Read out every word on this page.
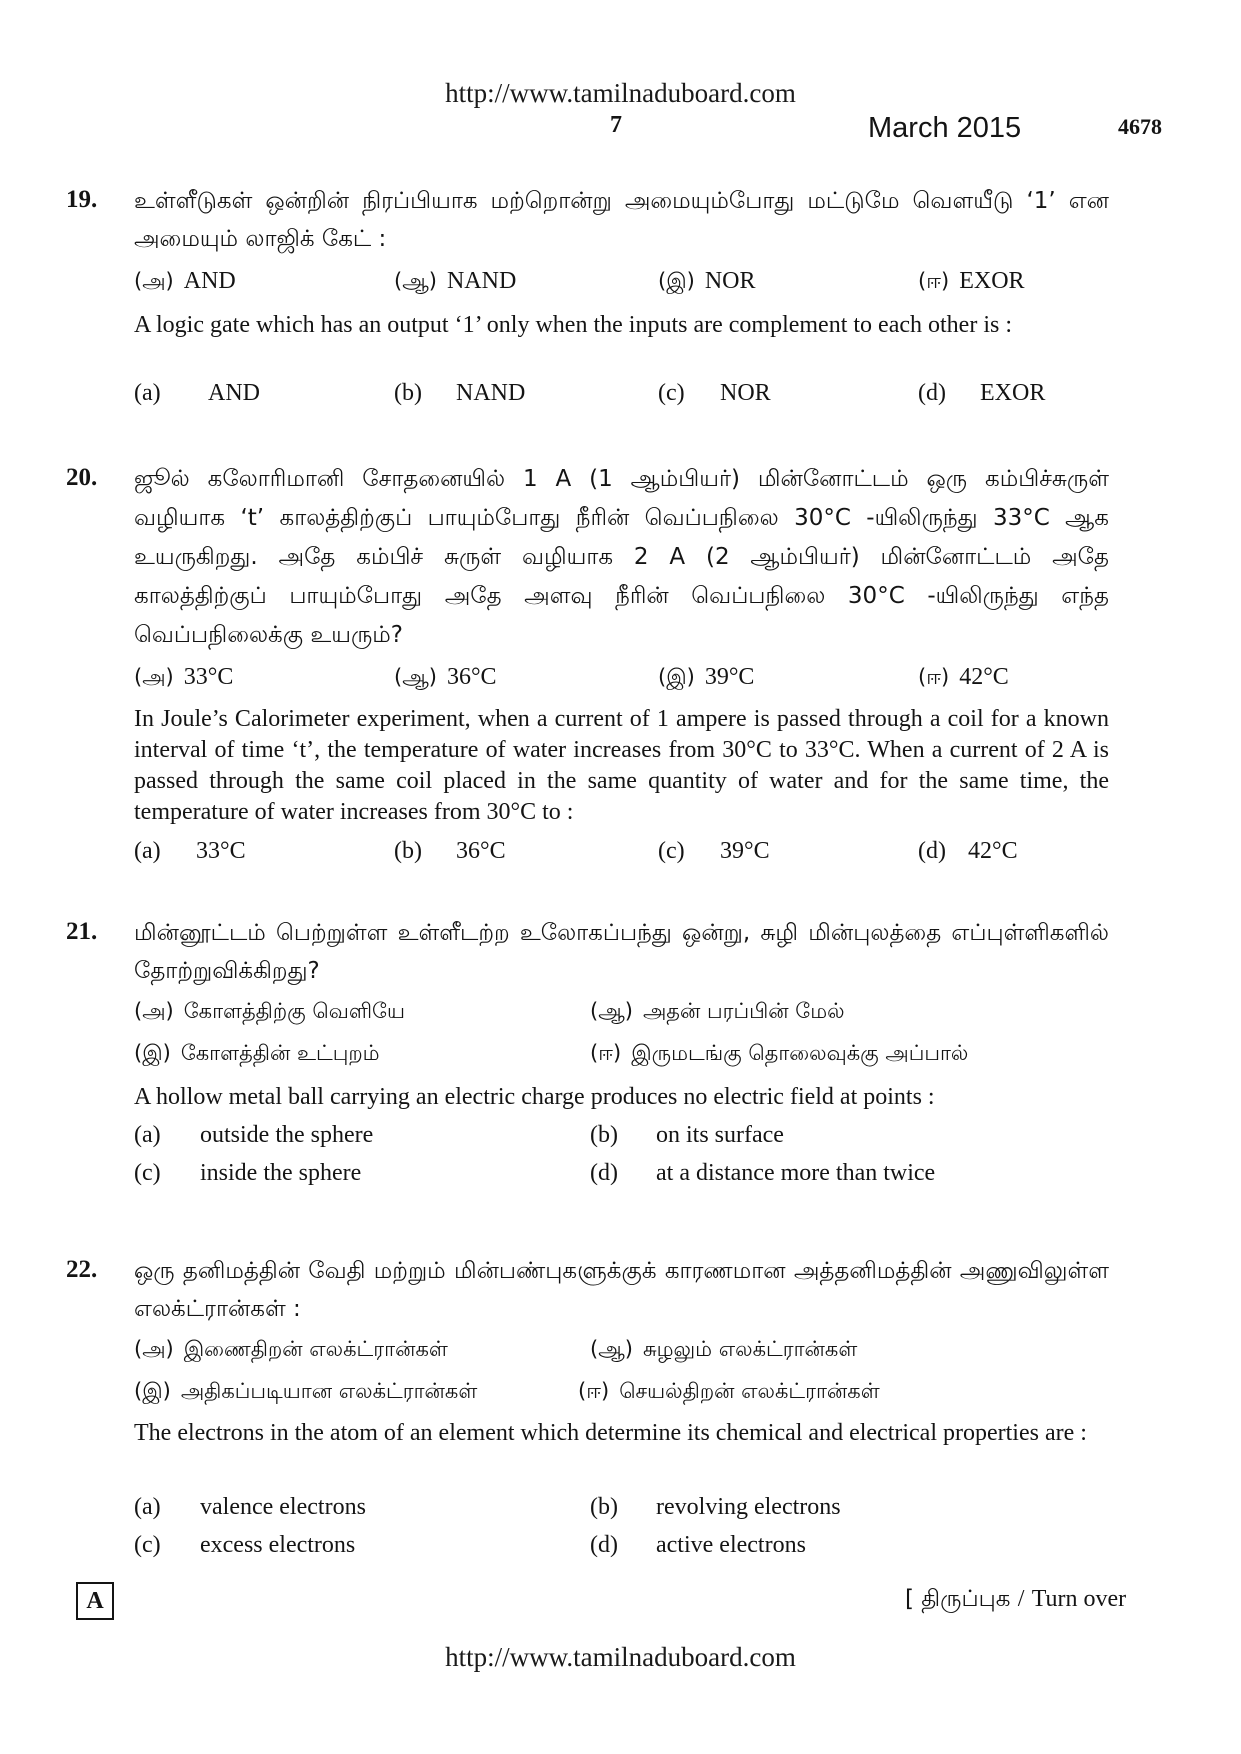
http://www.tamilnaduboard.com
7	March 2015	4678
19. உள்ளீடுகள் ஒன்றின் நிரப்பியாக மற்றொன்று அமையும்போது மட்டுமே வெளயீடு ‘1’ என அமையும் லாஜிக் கேட் :
(அ) AND	(ஆ) NAND	(இ) NOR	(ஈ) EXOR
A logic gate which has an output ‘1’ only when the inputs are complement to each other is :
(a) AND	(b) NAND	(c) NOR	(d) EXOR
20. ஜூல் கலோரிமானி சோதனையில் 1 A (1 ஆம்பியர்) மின்னோட்டம் ஒரு கம்பிச்சுருள் வழியாக ‘t’ காலத்திற்குப் பாயும்போது நீரின் வெப்பநிலை 30°C -யிலிருந்து 33°C ஆக உயருகிறது. அதே கம்பிச் சுருள் வழியாக 2 A (2 ஆம்பியர்) மின்னோட்டம் அதே காலத்திற்குப் பாயும்போது அதே அளவு நீரின் வெப்பநிலை 30°C -யிலிருந்து எந்த வெப்பநிலைக்கு உயரும்?
(அ) 33°C	(ஆ) 36°C	(இ) 39°C	(ஈ) 42°C
In Joule’s Calorimeter experiment, when a current of 1 ampere is passed through a coil for a known interval of time ‘t’, the temperature of water increases from 30°C to 33°C. When a current of 2 A is passed through the same coil placed in the same quantity of water and for the same time, the temperature of water increases from 30°C to :
(a) 33°C	(b) 36°C	(c) 39°C	(d) 42°C
21. மின்னூட்டம் பெற்றுள்ள உள்ளீடற்ற உலோகப்பந்து ஒன்று, சுழி மின்புலத்தை எப்புள்ளிகளில் தோற்றுவிக்கிறது?
(அ) கோளத்திற்கு வெளியே	(ஆ) அதன் பரப்பின் மேல்
(இ) கோளத்தின் உட்புறம்	(ஈ) இருமடங்கு தொலைவுக்கு அப்பால்
A hollow metal ball carrying an electric charge produces no electric field at points :
(a) outside the sphere	(b) on its surface
(c) inside the sphere	(d) at a distance more than twice
22. ஒரு தனிமத்தின் வேதி மற்றும் மின்பண்புகளுக்குக் காரணமான அத்தனிமத்தின் அணுவிலுள்ள எலக்ட்ரான்கள் :
(அ) இணைதிறன் எலக்ட்ரான்கள்	(ஆ) சுழலும் எலக்ட்ரான்கள்
(இ) அதிகப்படியான எலக்ட்ரான்கள்	(ஈ) செயல்திறன் எலக்ட்ரான்கள்
The electrons in the atom of an element which determine its chemical and electrical properties are :
(a) valence electrons	(b) revolving electrons
(c) excess electrons	(d) active electrons
A	[ திருப்புக / Turn over
http://www.tamilnaduboard.com
